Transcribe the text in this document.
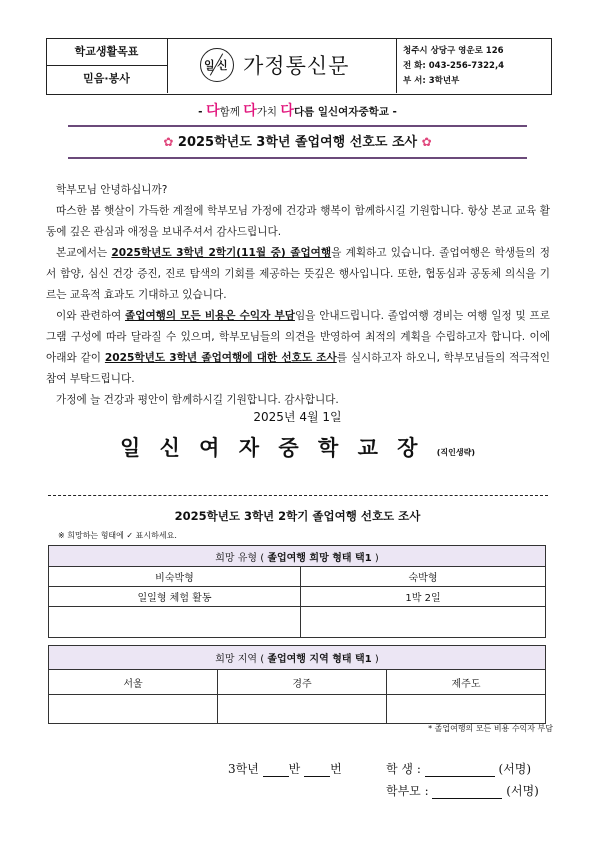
학교생활목표
믿음·봉사
일 신 가정통신문
청주시 상당구 영운로 126
전 화: 043-256-7322,4
부 서: 3학년부
- 다함께 다가치 다다름 일신여자중학교 -
✿ 2025학년도 3학년 졸업여행 선호도 조사 ✿

학부모님 안녕하십니까?

따스한 봄 햇살이 가득한 계절에 학부모님 가정에 건강과 행복이 함께하시길 기원합니다. 항상 본교 교육 활동에 깊은 관심과 애정을 보내주셔서 감사드립니다.

본교에서는 2025학년도 3학년 2학기(11월 중) 졸업여행을 계획하고 있습니다. 졸업여행은 학생들의 정서 함양, 심신 건강 증진, 진로 탐색의 기회를 제공하는 뜻깊은 행사입니다. 또한, 협동심과 공동체 의식을 기르는 교육적 효과도 기대하고 있습니다.

이와 관련하여 졸업여행의 모든 비용은 수익자 부담임을 안내드립니다. 졸업여행 경비는 여행 일정 및 프로그램 구성에 따라 달라질 수 있으며, 학부모님들의 의견을 반영하여 최적의 계획을 수립하고자 합니다. 이에 아래와 같이 2025학년도 3학년 졸업여행에 대한 선호도 조사를 실시하고자 하오니, 학부모님들의 적극적인 참여 부탁드립니다.

가정에 늘 건강과 평안이 함께하시길 기원합니다. 감사합니다.

2025년 4월 1일
일 신 여 자 중 학 교 장 (직인생략)
2025학년도 3학년 2학기 졸업여행 선호도 조사
※ 희망하는 형태에 ✓ 표시하세요.
희망 유형 ( 졸업여행 희망 형태 택1 )	
비숙박형	숙박형
일일형 체험 활동	1박 2일

희망 지역 ( 졸업여행 지역 형태 택1 )		
서울	경주	제주도

* 졸업여행의 모든 비용 수익자 부담
3학년 반 번	학 생 :	(서명)
학부모 :	(서명)
